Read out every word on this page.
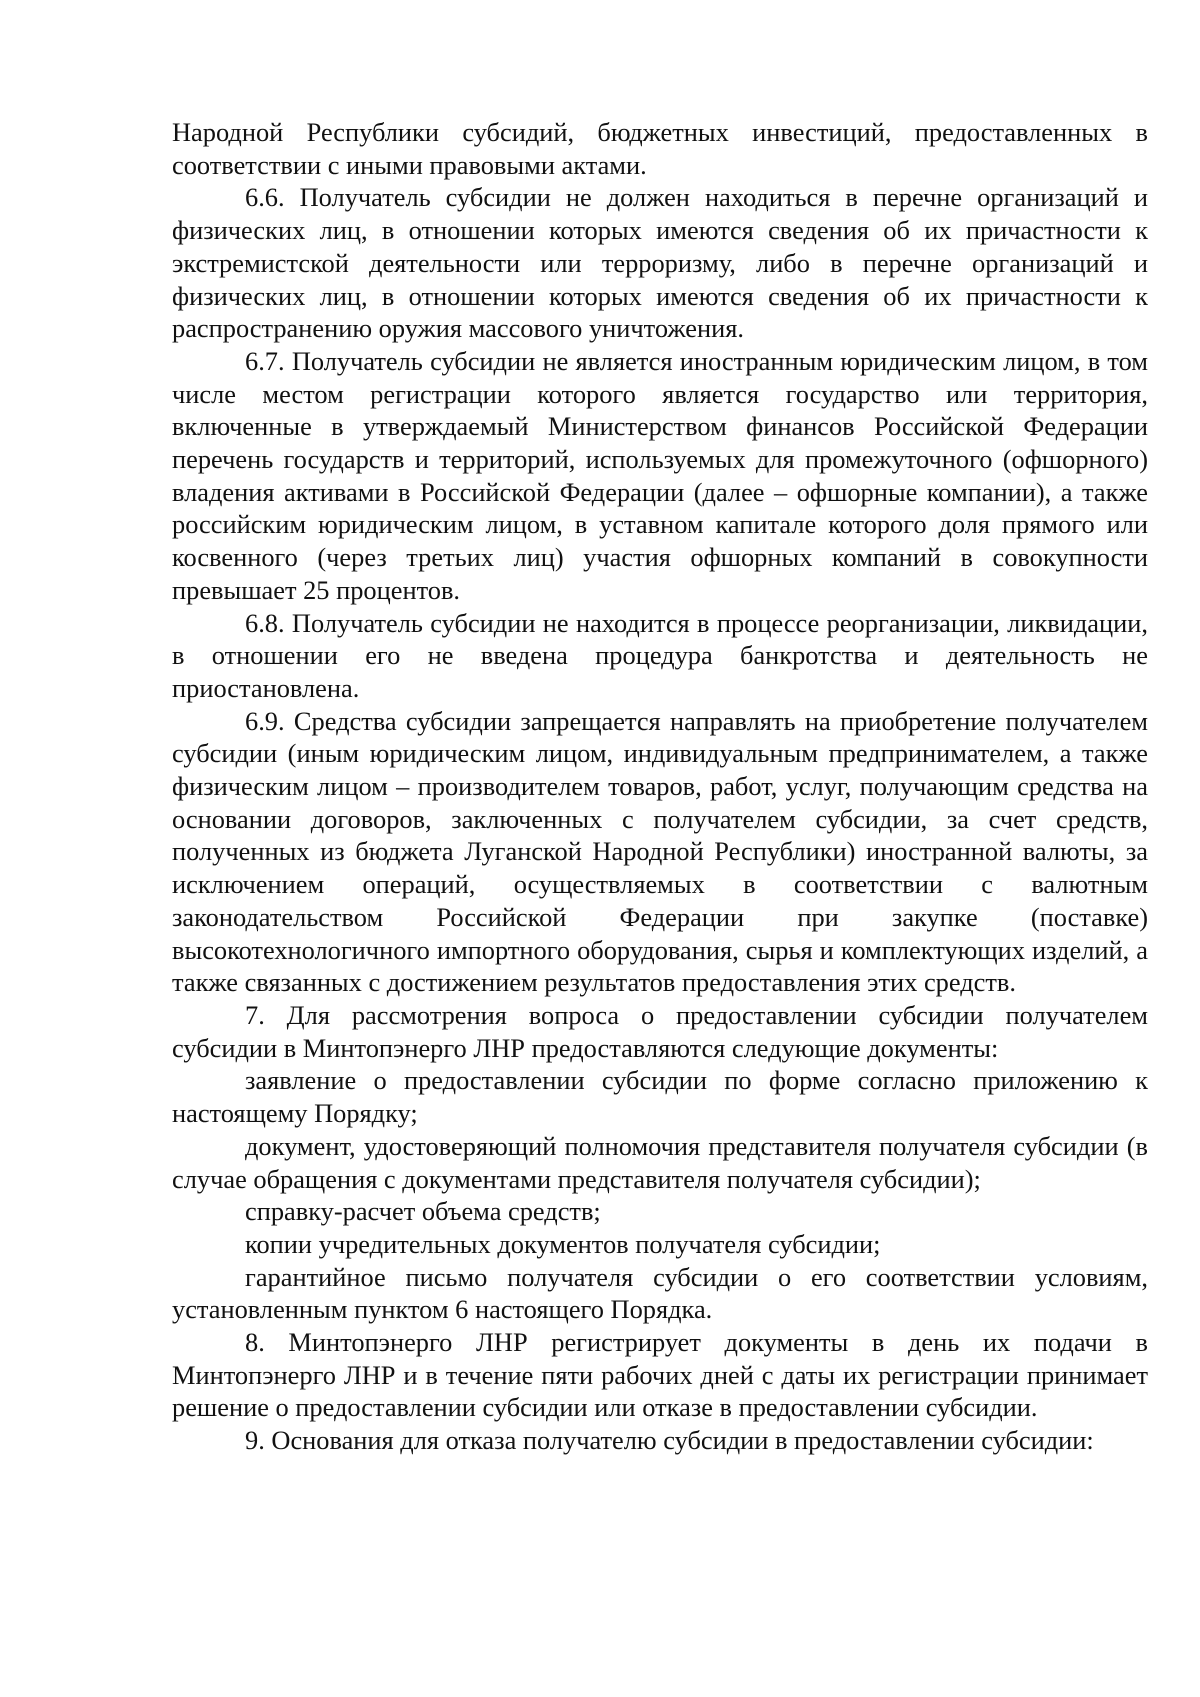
Народной Республики субсидий, бюджетных инвестиций, предоставленных в соответствии с иными правовыми актами.

6.6. Получатель субсидии не должен находиться в перечне организаций и физических лиц, в отношении которых имеются сведения об их причастности к экстремистской деятельности или терроризму, либо в перечне организаций и физических лиц, в отношении которых имеются сведения об их причастности к распространению оружия массового уничтожения.

6.7. Получатель субсидии не является иностранным юридическим лицом, в том числе местом регистрации которого является государство или территория, включенные в утверждаемый Министерством финансов Российской Федерации перечень государств и территорий, используемых для промежуточного (офшорного) владения активами в Российской Федерации (далее – офшорные компании), а также российским юридическим лицом, в уставном капитале которого доля прямого или косвенного (через третьих лиц) участия офшорных компаний в совокупности превышает 25 процентов.

6.8. Получатель субсидии не находится в процессе реорганизации, ликвидации, в отношении его не введена процедура банкротства и деятельность не приостановлена.

6.9. Средства субсидии запрещается направлять на приобретение получателем субсидии (иным юридическим лицом, индивидуальным предпринимателем, а также физическим лицом – производителем товаров, работ, услуг, получающим средства на основании договоров, заключенных с получателем субсидии, за счет средств, полученных из бюджета Луганской Народной Республики) иностранной валюты, за исключением операций, осуществляемых в соответствии с валютным законодательством Российской Федерации при закупке (поставке) высокотехнологичного импортного оборудования, сырья и комплектующих изделий, а также связанных с достижением результатов предоставления этих средств.

7. Для рассмотрения вопроса о предоставлении субсидии получателем субсидии в Минтопэнерго ЛНР предоставляются следующие документы:

заявление о предоставлении субсидии по форме согласно приложению к настоящему Порядку;

документ, удостоверяющий полномочия представителя получателя субсидии (в случае обращения с документами представителя получателя субсидии);

справку-расчет объема средств;

копии учредительных документов получателя субсидии;

гарантийное письмо получателя субсидии о его соответствии условиям, установленным пунктом 6 настоящего Порядка.

8. Минтопэнерго ЛНР регистрирует документы в день их подачи в Минтопэнерго ЛНР и в течение пяти рабочих дней с даты их регистрации принимает решение о предоставлении субсидии или отказе в предоставлении субсидии.

9. Основания для отказа получателю субсидии в предоставлении субсидии:
